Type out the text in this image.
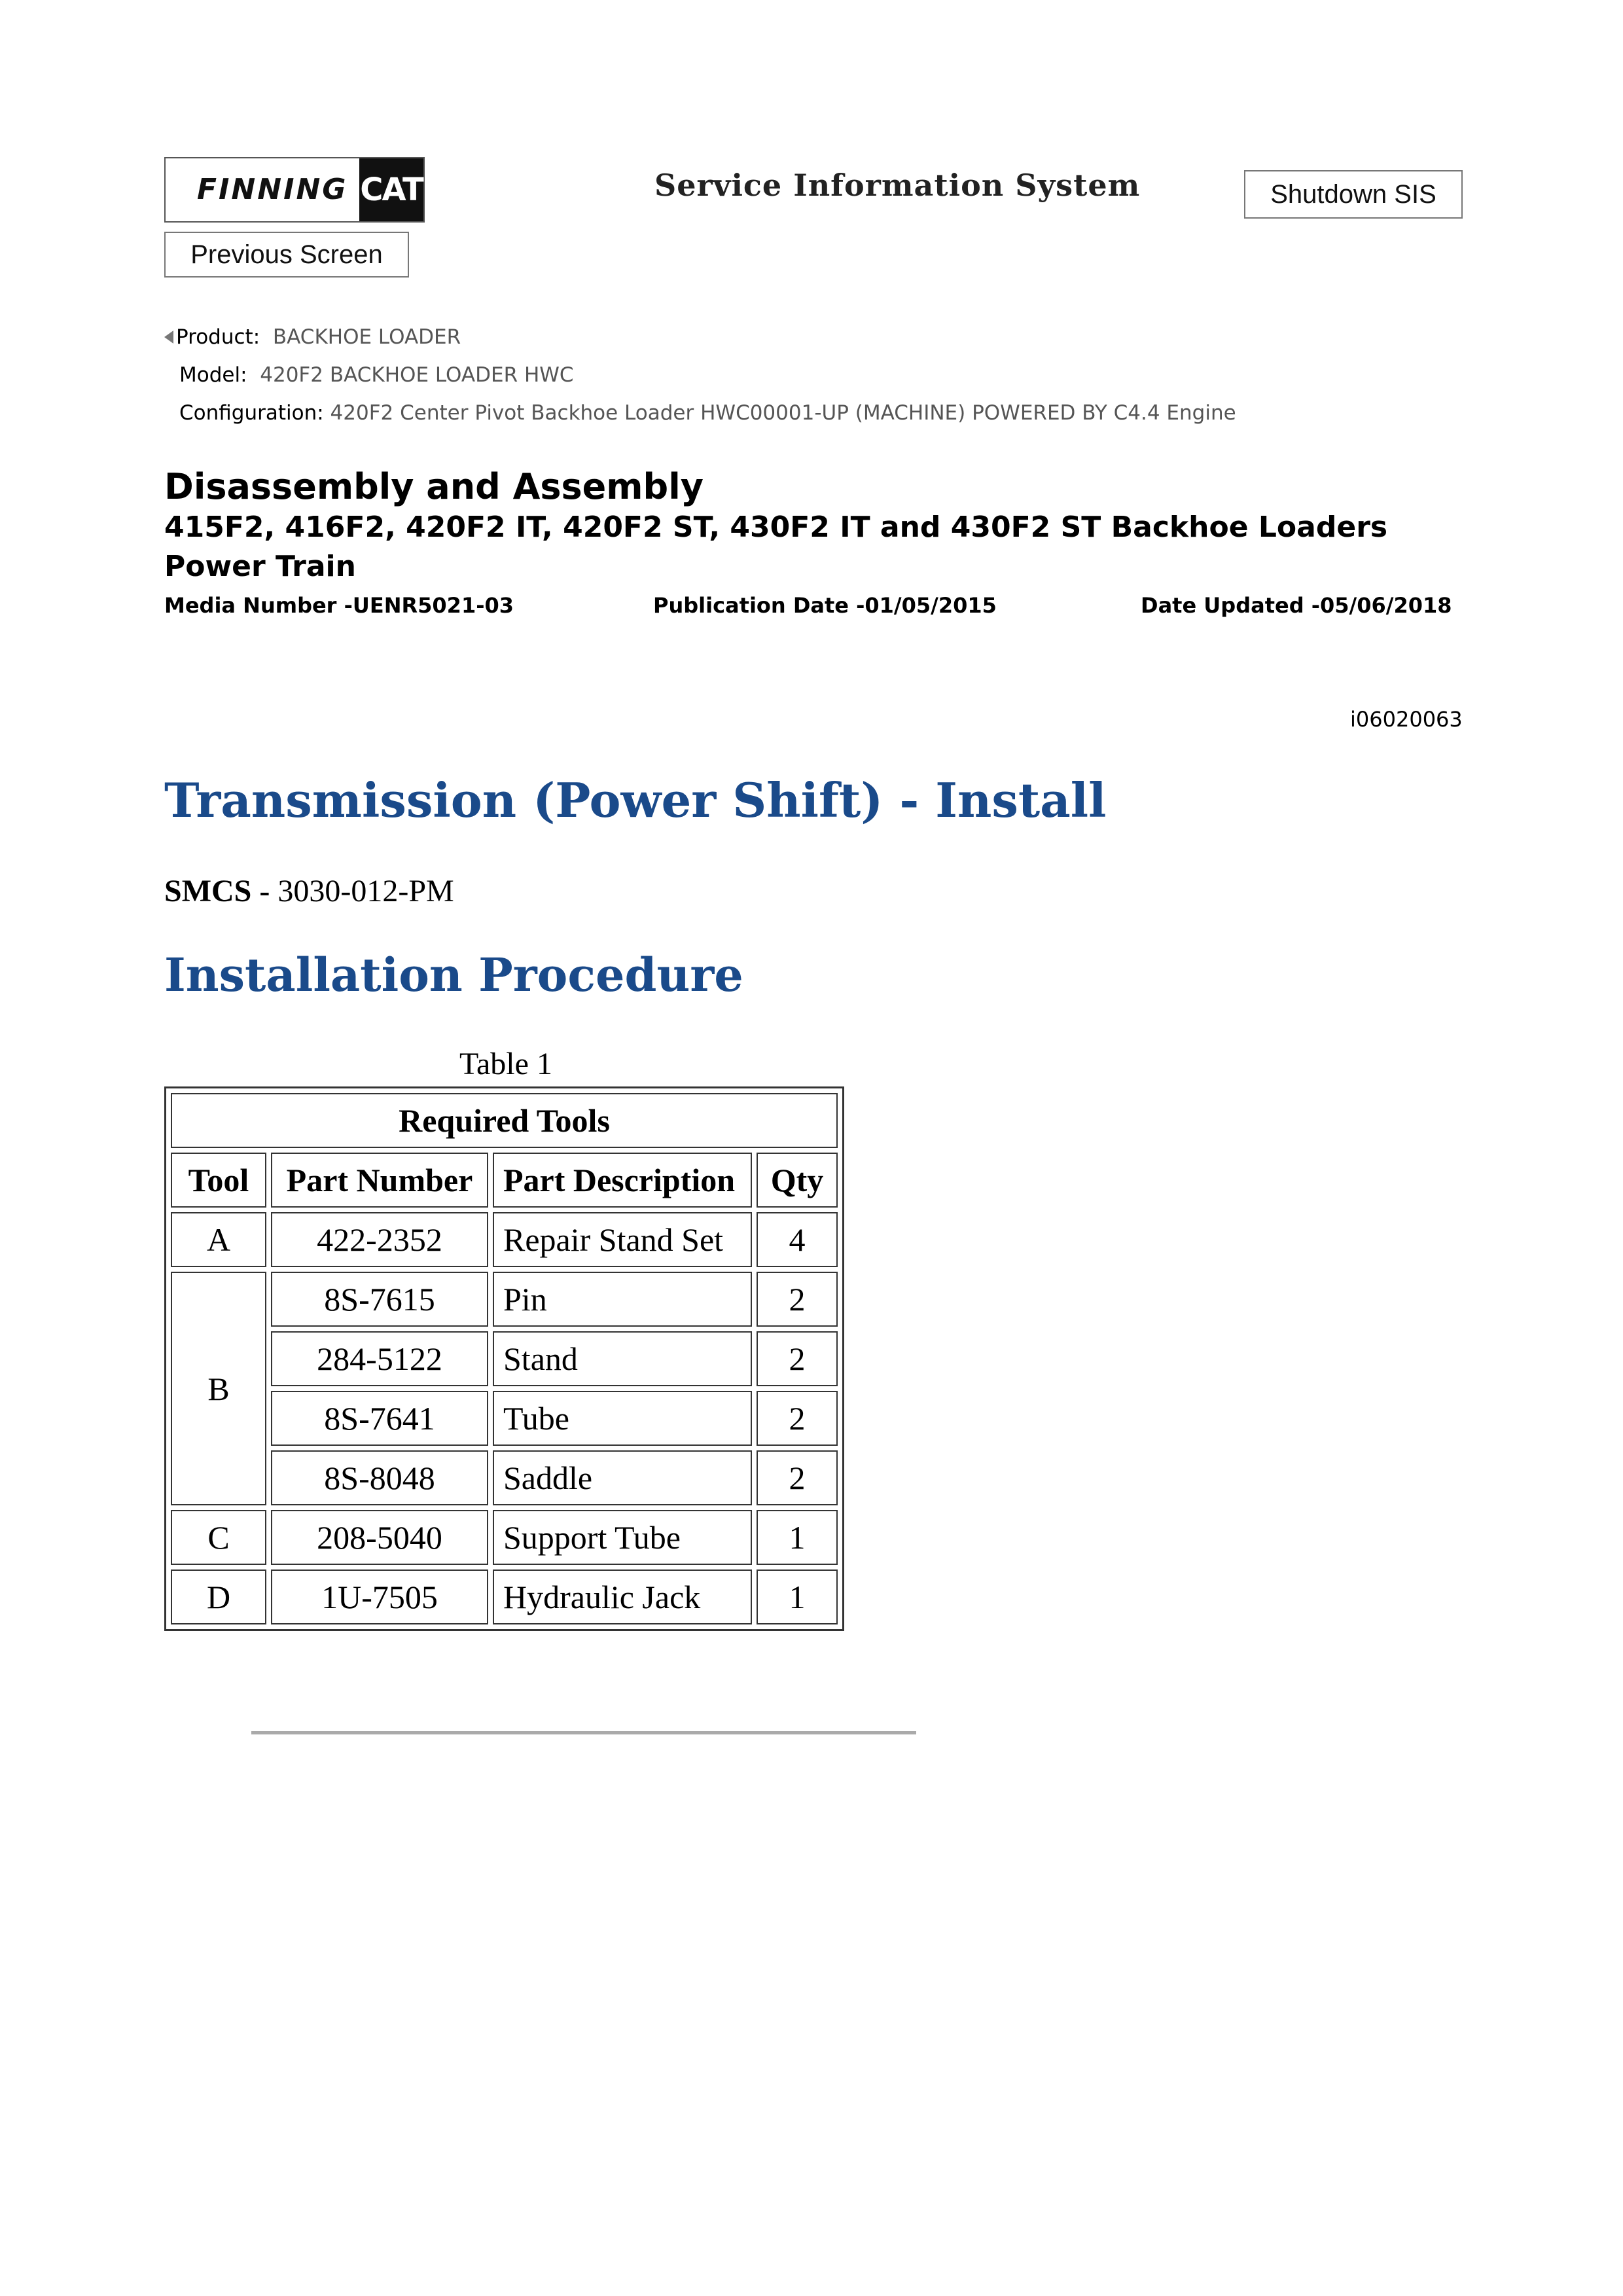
FINNING CAT	Service Information System	Shutdown SIS
Previous Screen
Product: BACKHOE LOADER
Model: 420F2 BACKHOE LOADER HWC
Configuration: 420F2 Center Pivot Backhoe Loader HWC00001-UP (MACHINE) POWERED BY C4.4 Engine
Disassembly and Assembly
415F2, 416F2, 420F2 IT, 420F2 ST, 430F2 IT and 430F2 ST Backhoe Loaders Power Train
Media Number -UENR5021-03	Publication Date -01/05/2015	Date Updated -05/06/2018
i06020063
Transmission (Power Shift) - Install
SMCS - 3030-012-PM
Installation Procedure
Table 1
Required Tools			
Tool	Part Number	Part Description	Qty
A	422-2352	Repair Stand Set	4
B	8S-7615	Pin	2
	284-5122	Stand	2
	8S-7641	Tube	2
	8S-8048	Saddle	2
C	208-5040	Support Tube	1
D	1U-7505	Hydraulic Jack	1
